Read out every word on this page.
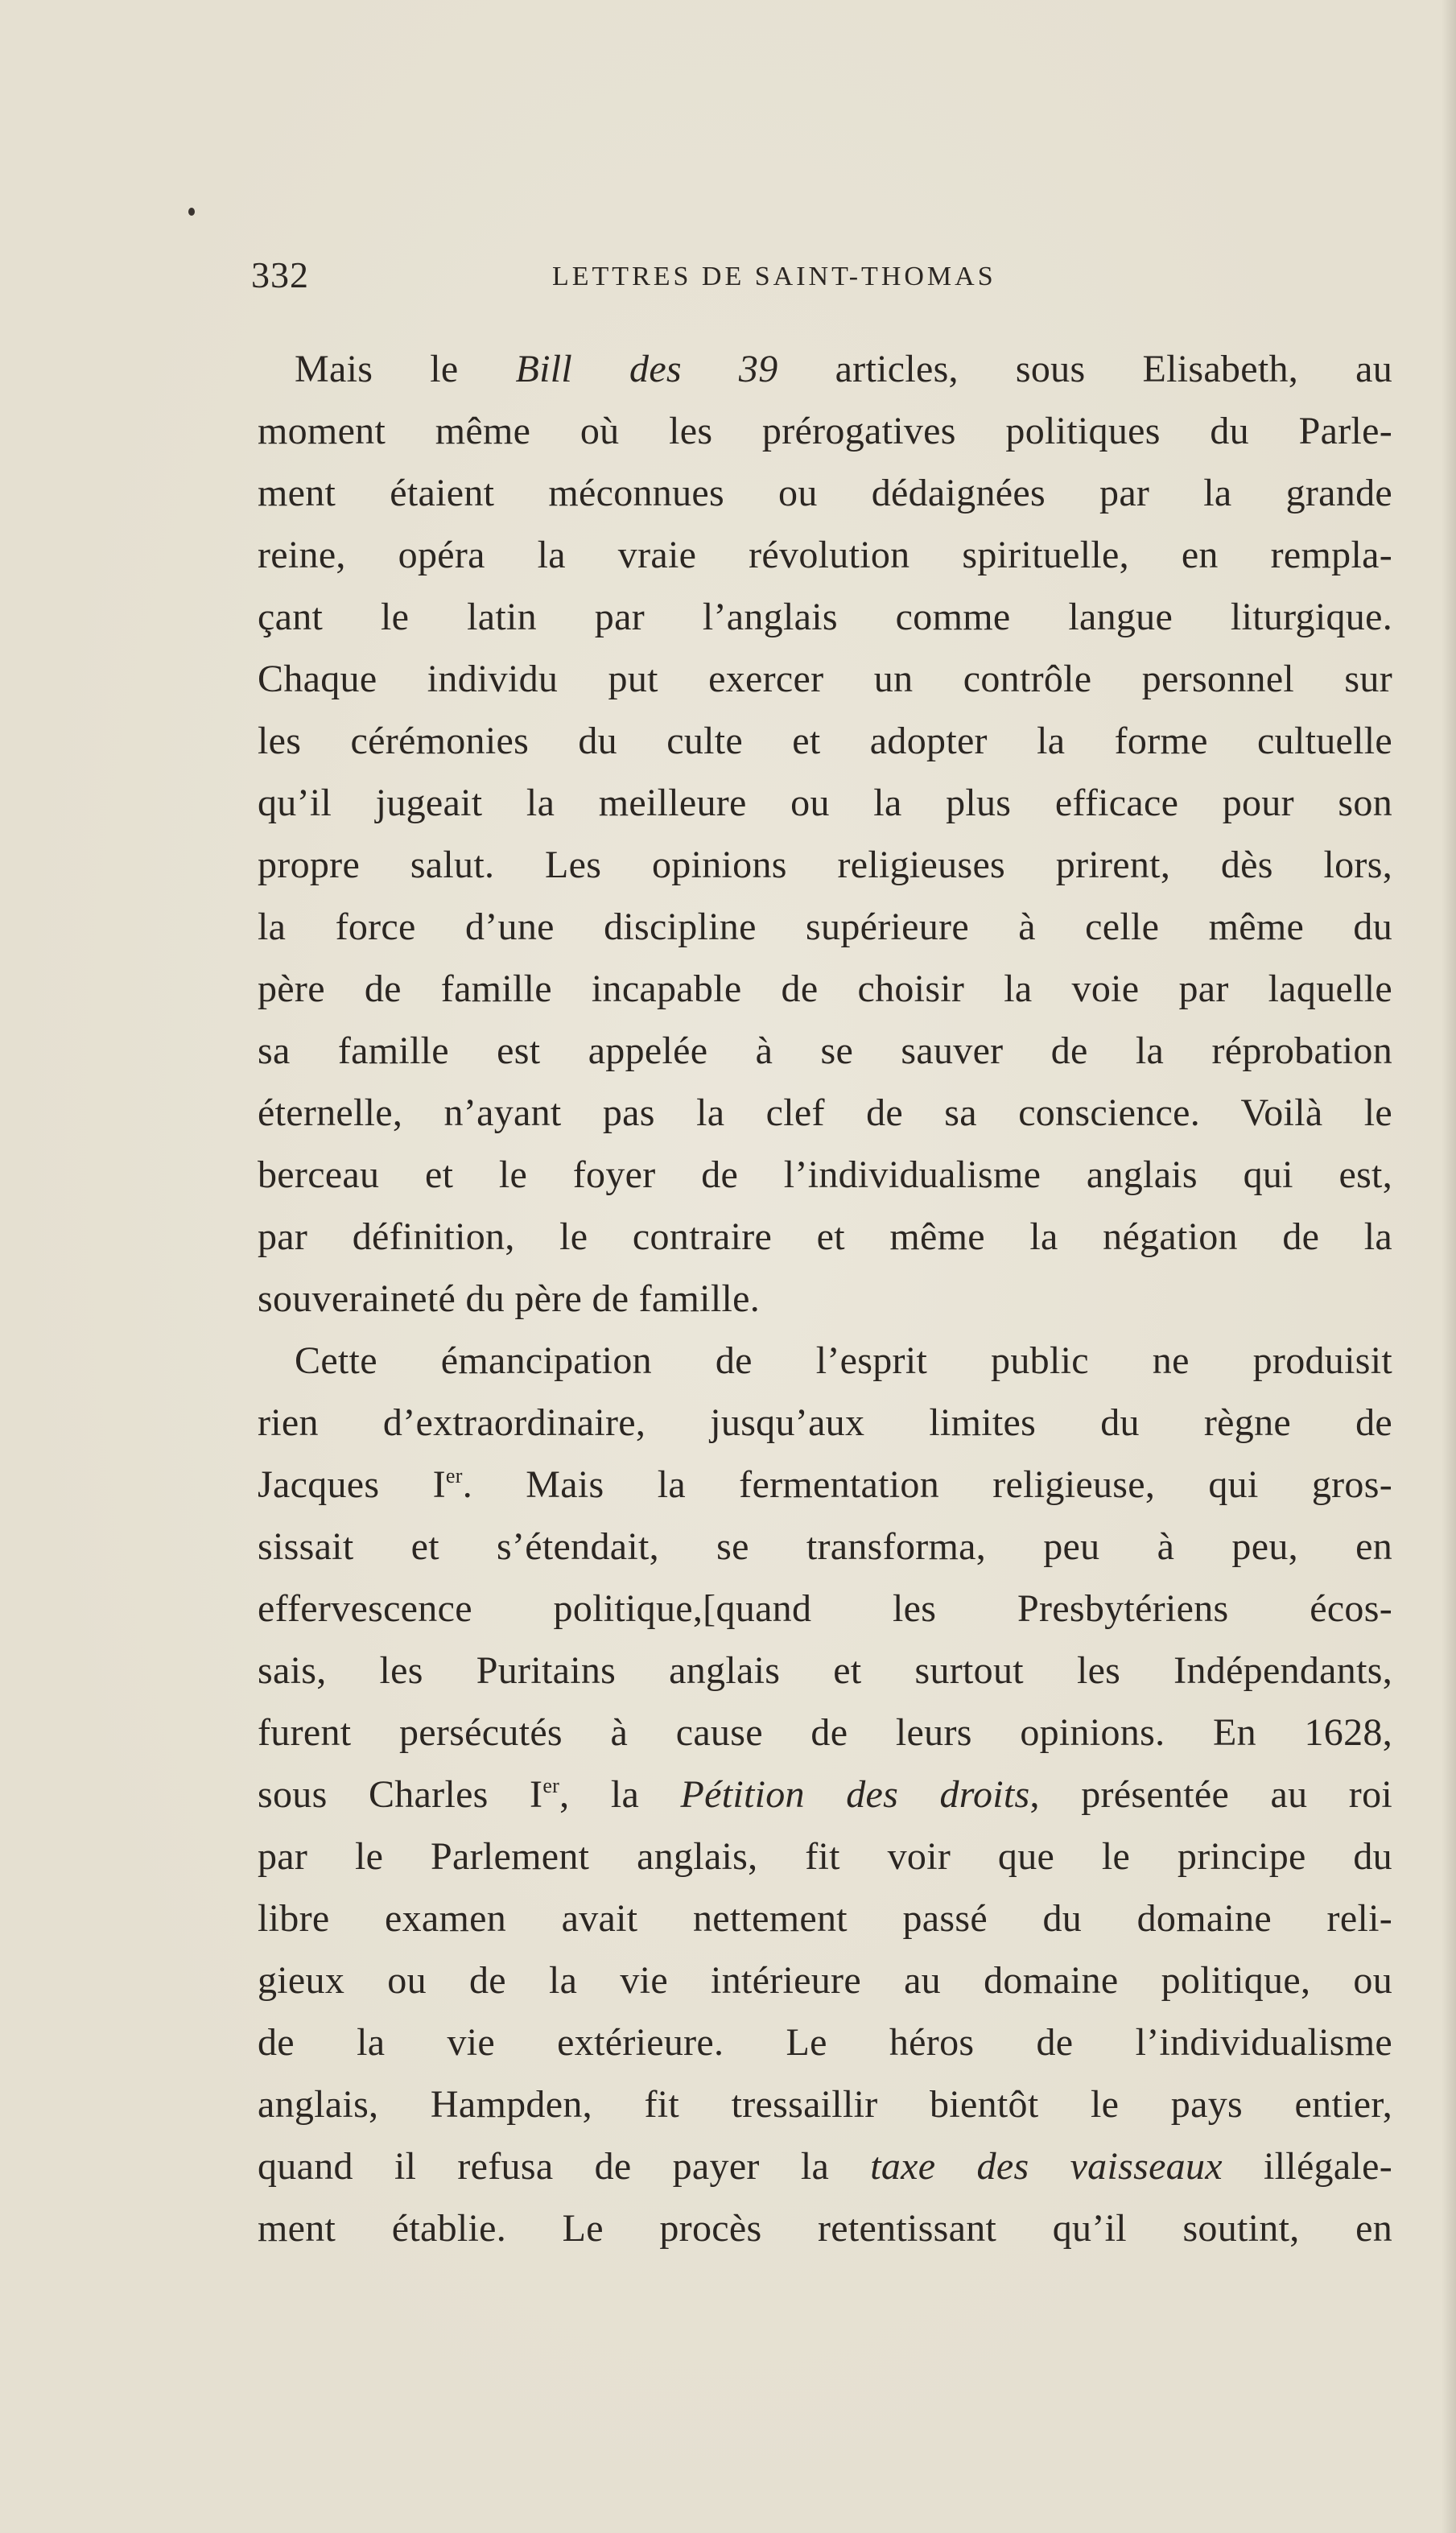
332	LETTRES DE SAINT-THOMAS
Mais le Bill des 39 articles, sous Elisabeth, au
moment même où les prérogatives politiques du Parle-
ment étaient méconnues ou dédaignées par la grande
reine, opéra la vraie révolution spirituelle, en rempla-
çant le latin par l’anglais comme langue liturgique.
Chaque individu put exercer un contrôle personnel sur
les cérémonies du culte et adopter la forme cultuelle
qu’il jugeait la meilleure ou la plus efficace pour son
propre salut. Les opinions religieuses prirent, dès lors,
la force d’une discipline supérieure à celle même du
père de famille incapable de choisir la voie par laquelle
sa famille est appelée à se sauver de la réprobation
éternelle, n’ayant pas la clef de sa conscience. Voilà le
berceau et le foyer de l’individualisme anglais qui est,
par définition, le contraire et même la négation de la
souveraineté du père de famille.
Cette émancipation de l’esprit public ne produisit
rien d’extraordinaire, jusqu’aux limites du règne de
Jacques Ier. Mais la fermentation religieuse, qui gros-
sissait et s’étendait, se transforma, peu à peu, en
effervescence politique,[quand les Presbytériens écos-
sais, les Puritains anglais et surtout les Indépendants,
furent persécutés à cause de leurs opinions. En 1628,
sous Charles Ier, la Pétition des droits, présentée au roi
par le Parlement anglais, fit voir que le principe du
libre examen avait nettement passé du domaine reli-
gieux ou de la vie intérieure au domaine politique, ou
de la vie extérieure. Le héros de l’individualisme
anglais, Hampden, fit tressaillir bientôt le pays entier,
quand il refusa de payer la taxe des vaisseaux illégale-
ment établie. Le procès retentissant qu’il soutint, en
